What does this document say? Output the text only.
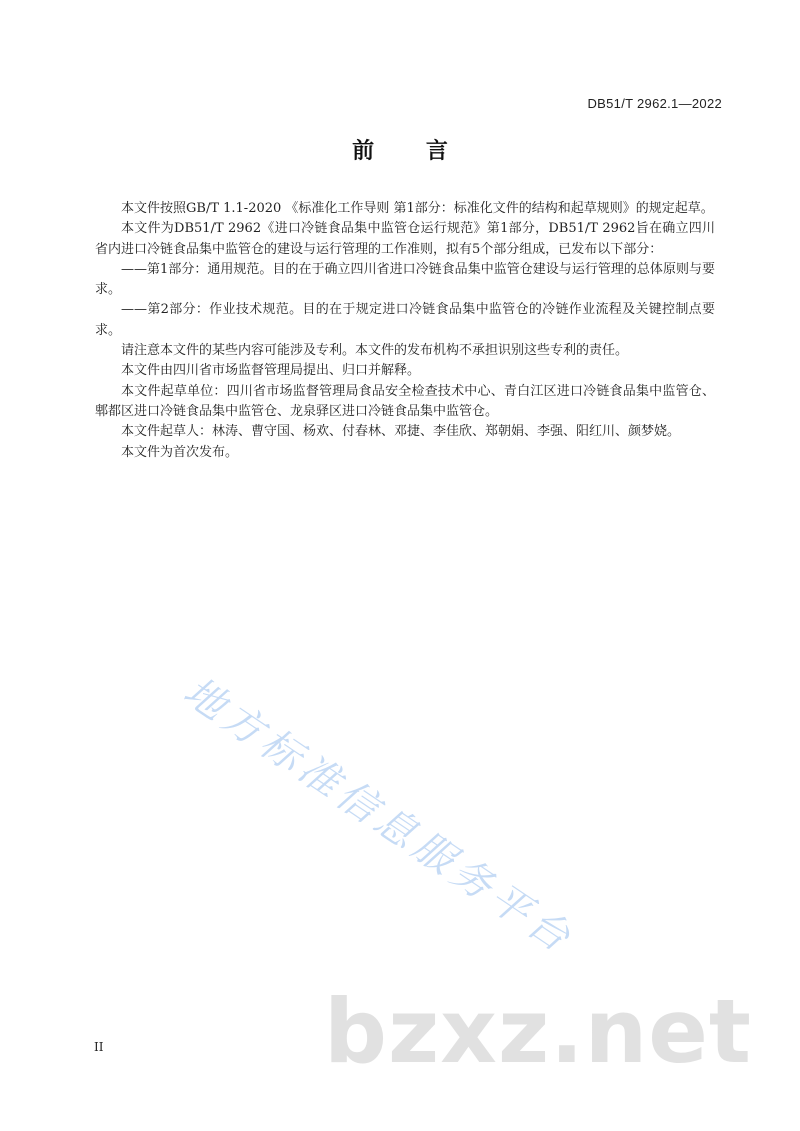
DB51/T 2962.1—2022
前 言

本文件按照GB/T 1.1-2020 《标准化工作导则 第1部分：标准化文件的结构和起草规则》的规定起草。

本文件为DB51/T 2962《进口冷链食品集中监管仓运行规范》第1部分，DB51/T 2962旨在确立四川省内进口冷链食品集中监管仓的建设与运行管理的工作准则，拟有5个部分组成，已发布以下部分：

——第1部分：通用规范。目的在于确立四川省进口冷链食品集中监管仓建设与运行管理的总体原则与要求。

——第2部分：作业技术规范。目的在于规定进口冷链食品集中监管仓的冷链作业流程及关键控制点要求。

请注意本文件的某些内容可能涉及专利。本文件的发布机构不承担识别这些专利的责任。

本文件由四川省市场监督管理局提出、归口并解释。

本文件起草单位：四川省市场监督管理局食品安全检查技术中心、青白江区进口冷链食品集中监管仓、郫都区进口冷链食品集中监管仓、龙泉驿区进口冷链食品集中监管仓。

本文件起草人：林涛、曹守国、杨欢、付春林、邓捷、李佳欣、郑朝娟、李强、阳红川、颜梦娆。

本文件为首次发布。

地方标准信息服务平台
bzxz.net
II
